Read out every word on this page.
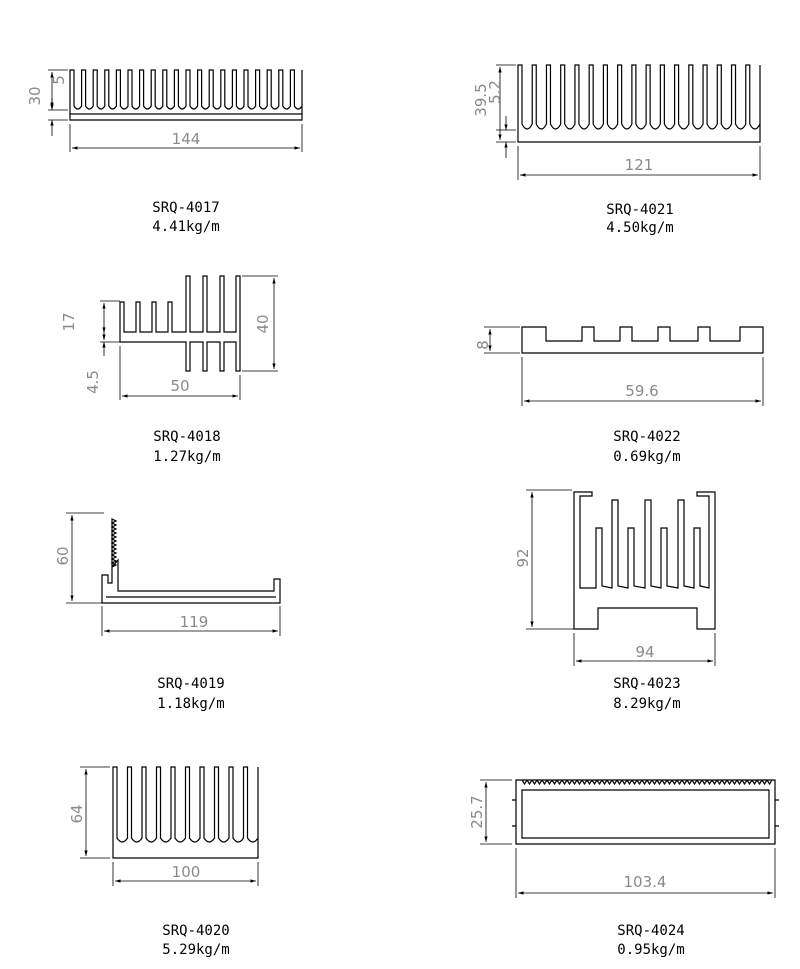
30
5
144
SRQ-4017
4.41kg/m
39.5
5.2
121
SRQ-4021
4.50kg/m
17
4.5
40
50
SRQ-4018
1.27kg/m
8
59.6
SRQ-4022
0.69kg/m
60
119
SRQ-4019
1.18kg/m
92
94
SRQ-4023
8.29kg/m
64
100
SRQ-4020
5.29kg/m
25.7
103.4
SRQ-4024
0.95kg/m
